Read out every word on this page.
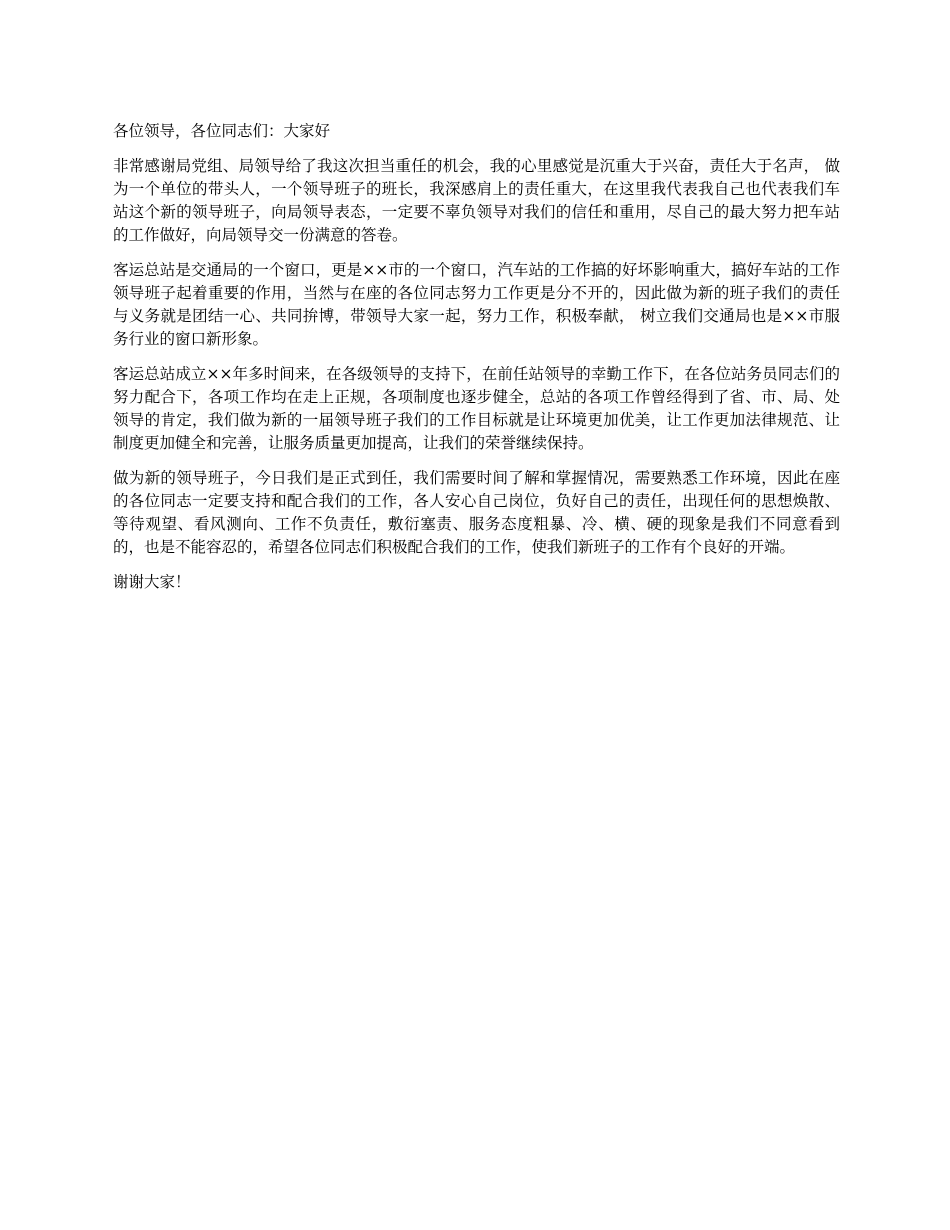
各位领导，各位同志们：大家好

非常感谢局党组、局领导给了我这次担当重任的机会，我的心里感觉是沉重大于兴奋，责任大于名声， 做为一个单位的带头人，一个领导班子的班长，我深感肩上的责任重大，在这里我代表我自己也代表我们车站这个新的领导班子，向局领导表态，一定要不辜负领导对我们的信任和重用，尽自己的最大努力把车站的工作做好，向局领导交一份满意的答卷。

客运总站是交通局的一个窗口，更是××市的一个窗口，汽车站的工作搞的好坏影响重大，搞好车站的工作领导班子起着重要的作用，当然与在座的各位同志努力工作更是分不开的，因此做为新的班子我们的责任与义务就是团结一心、共同拚博，带领导大家一起，努力工作，积极奉献， 树立我们交通局也是××市服务行业的窗口新形象。

客运总站成立××年多时间来，在各级领导的支持下，在前任站领导的幸勤工作下，在各位站务员同志们的努力配合下，各项工作均在走上正规，各项制度也逐步健全，总站的各项工作曾经得到了省、市、局、处领导的肯定，我们做为新的一届领导班子我们的工作目标就是让环境更加优美，让工作更加法律规范、让制度更加健全和完善，让服务质量更加提高，让我们的荣誉继续保持。

做为新的领导班子，今日我们是正式到任，我们需要时间了解和掌握情况，需要熟悉工作环境，因此在座的各位同志一定要支持和配合我们的工作，各人安心自己岗位，负好自己的责任，出现任何的思想焕散、等待观望、看风测向、工作不负责任，敷衍塞责、服务态度粗暴、冷、横、硬的现象是我们不同意看到的，也是不能容忍的，希望各位同志们积极配合我们的工作，使我们新班子的工作有个良好的开端。

谢谢大家！
